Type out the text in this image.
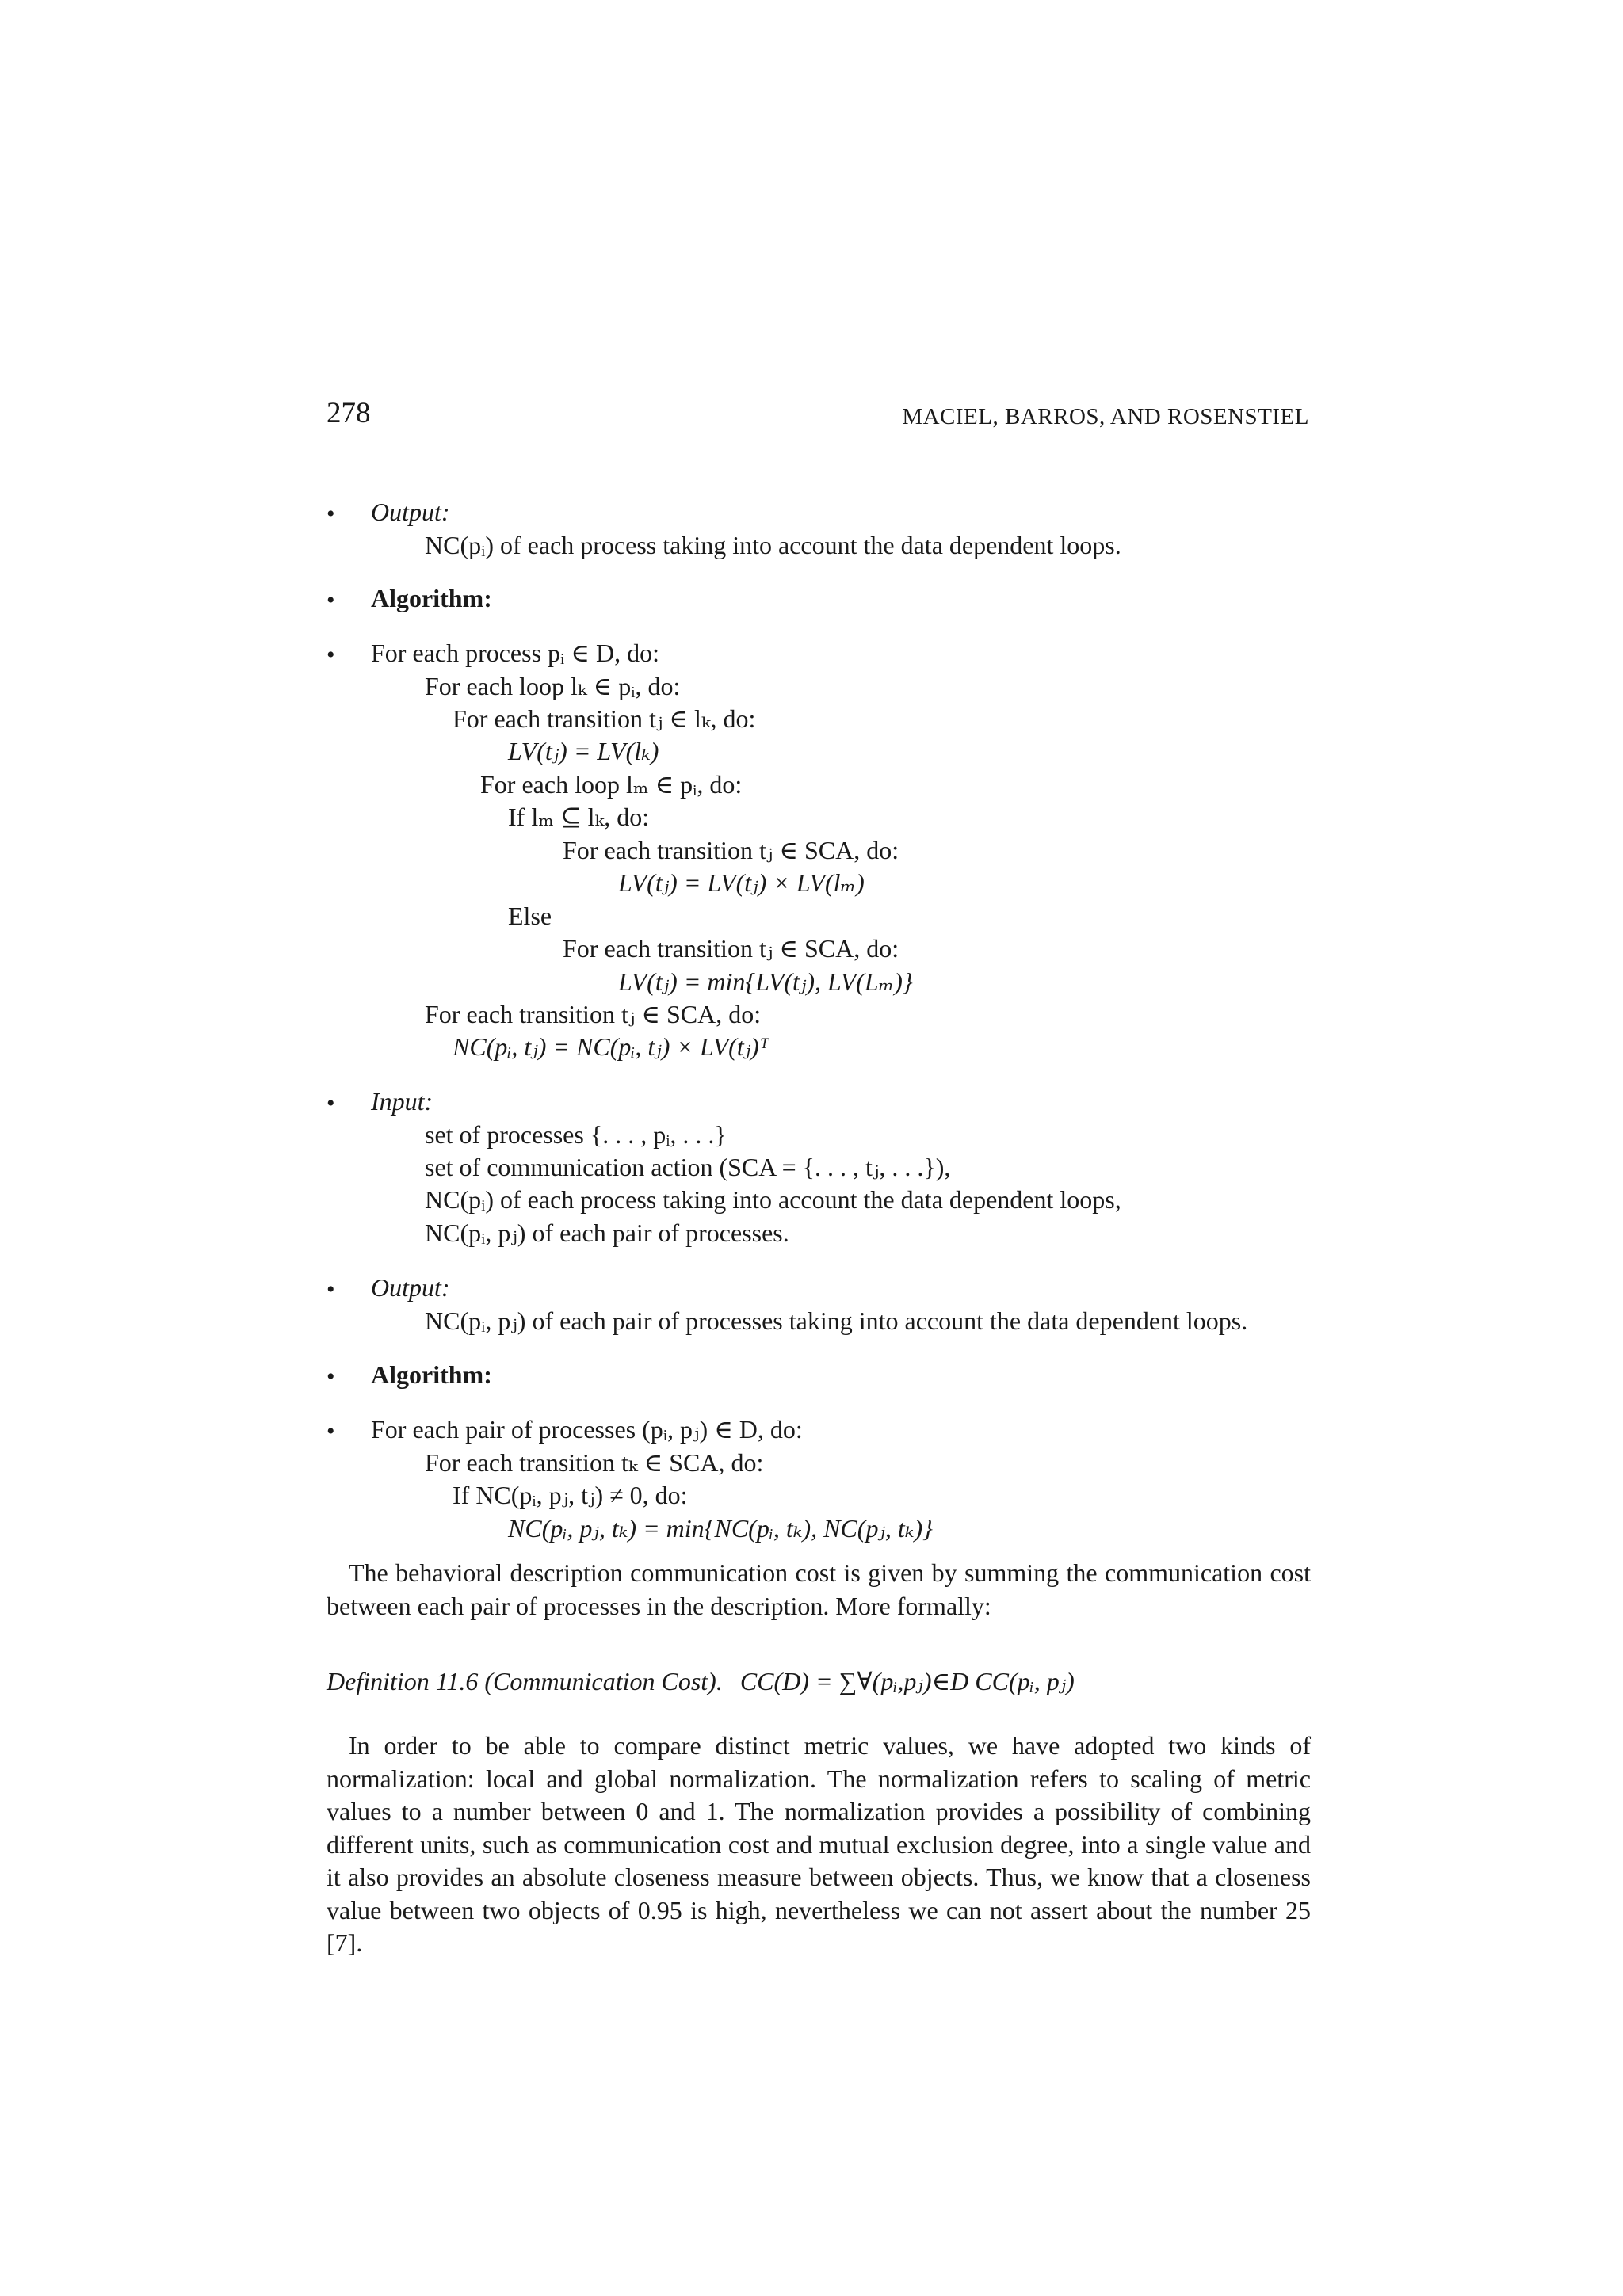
278	MACIEL, BARROS, AND ROSENSTIEL
• Output:
NC(pᵢ) of each process taking into account the data dependent loops.
• Algorithm:
• For each process pᵢ ∈ D, do:
For each loop lₖ ∈ pᵢ, do:
For each transition tⱼ ∈ lₖ, do:
LV(tⱼ) = LV(lₖ)
For each loop lₘ ∈ pᵢ, do:
If lₘ ⊆ lₖ, do:
For each transition tⱼ ∈ SCA, do:
LV(tⱼ) = LV(tⱼ) × LV(lₘ)
Else
For each transition tⱼ ∈ SCA, do:
LV(tⱼ) = min{LV(tⱼ), LV(Lₘ)}
For each transition tⱼ ∈ SCA, do:
NC(pᵢ, tⱼ) = NC(pᵢ, tⱼ) × LV(tⱼ)ᵀ
• Input:
set of processes {. . . , pᵢ, . . .}
set of communication action (SCA = {. . . , tⱼ, . . .}),
NC(pᵢ) of each process taking into account the data dependent loops,
NC(pᵢ, pⱼ) of each pair of processes.
• Output:
NC(pᵢ, pⱼ) of each pair of processes taking into account the data dependent loops.
• Algorithm:
• For each pair of processes (pᵢ, pⱼ) ∈ D, do:
For each transition tₖ ∈ SCA, do:
If NC(pᵢ, pⱼ, tⱼ) ≠ 0, do:
NC(pᵢ, pⱼ, tₖ) = min{NC(pᵢ, tₖ), NC(pⱼ, tₖ)}

The behavioral description communication cost is given by summing the communication cost between each pair of processes in the description. More formally:

Definition 11.6 (Communication Cost). CC(D) = ∑∀(pᵢ,pⱼ)∈D CC(pᵢ, pⱼ)

In order to be able to compare distinct metric values, we have adopted two kinds of normalization: local and global normalization. The normalization refers to scaling of metric values to a number between 0 and 1. The normalization provides a possibility of combining different units, such as communication cost and mutual exclusion degree, into a single value and it also provides an absolute closeness measure between objects. Thus, we know that a closeness value between two objects of 0.95 is high, nevertheless we can not assert about the number 25 [7].
